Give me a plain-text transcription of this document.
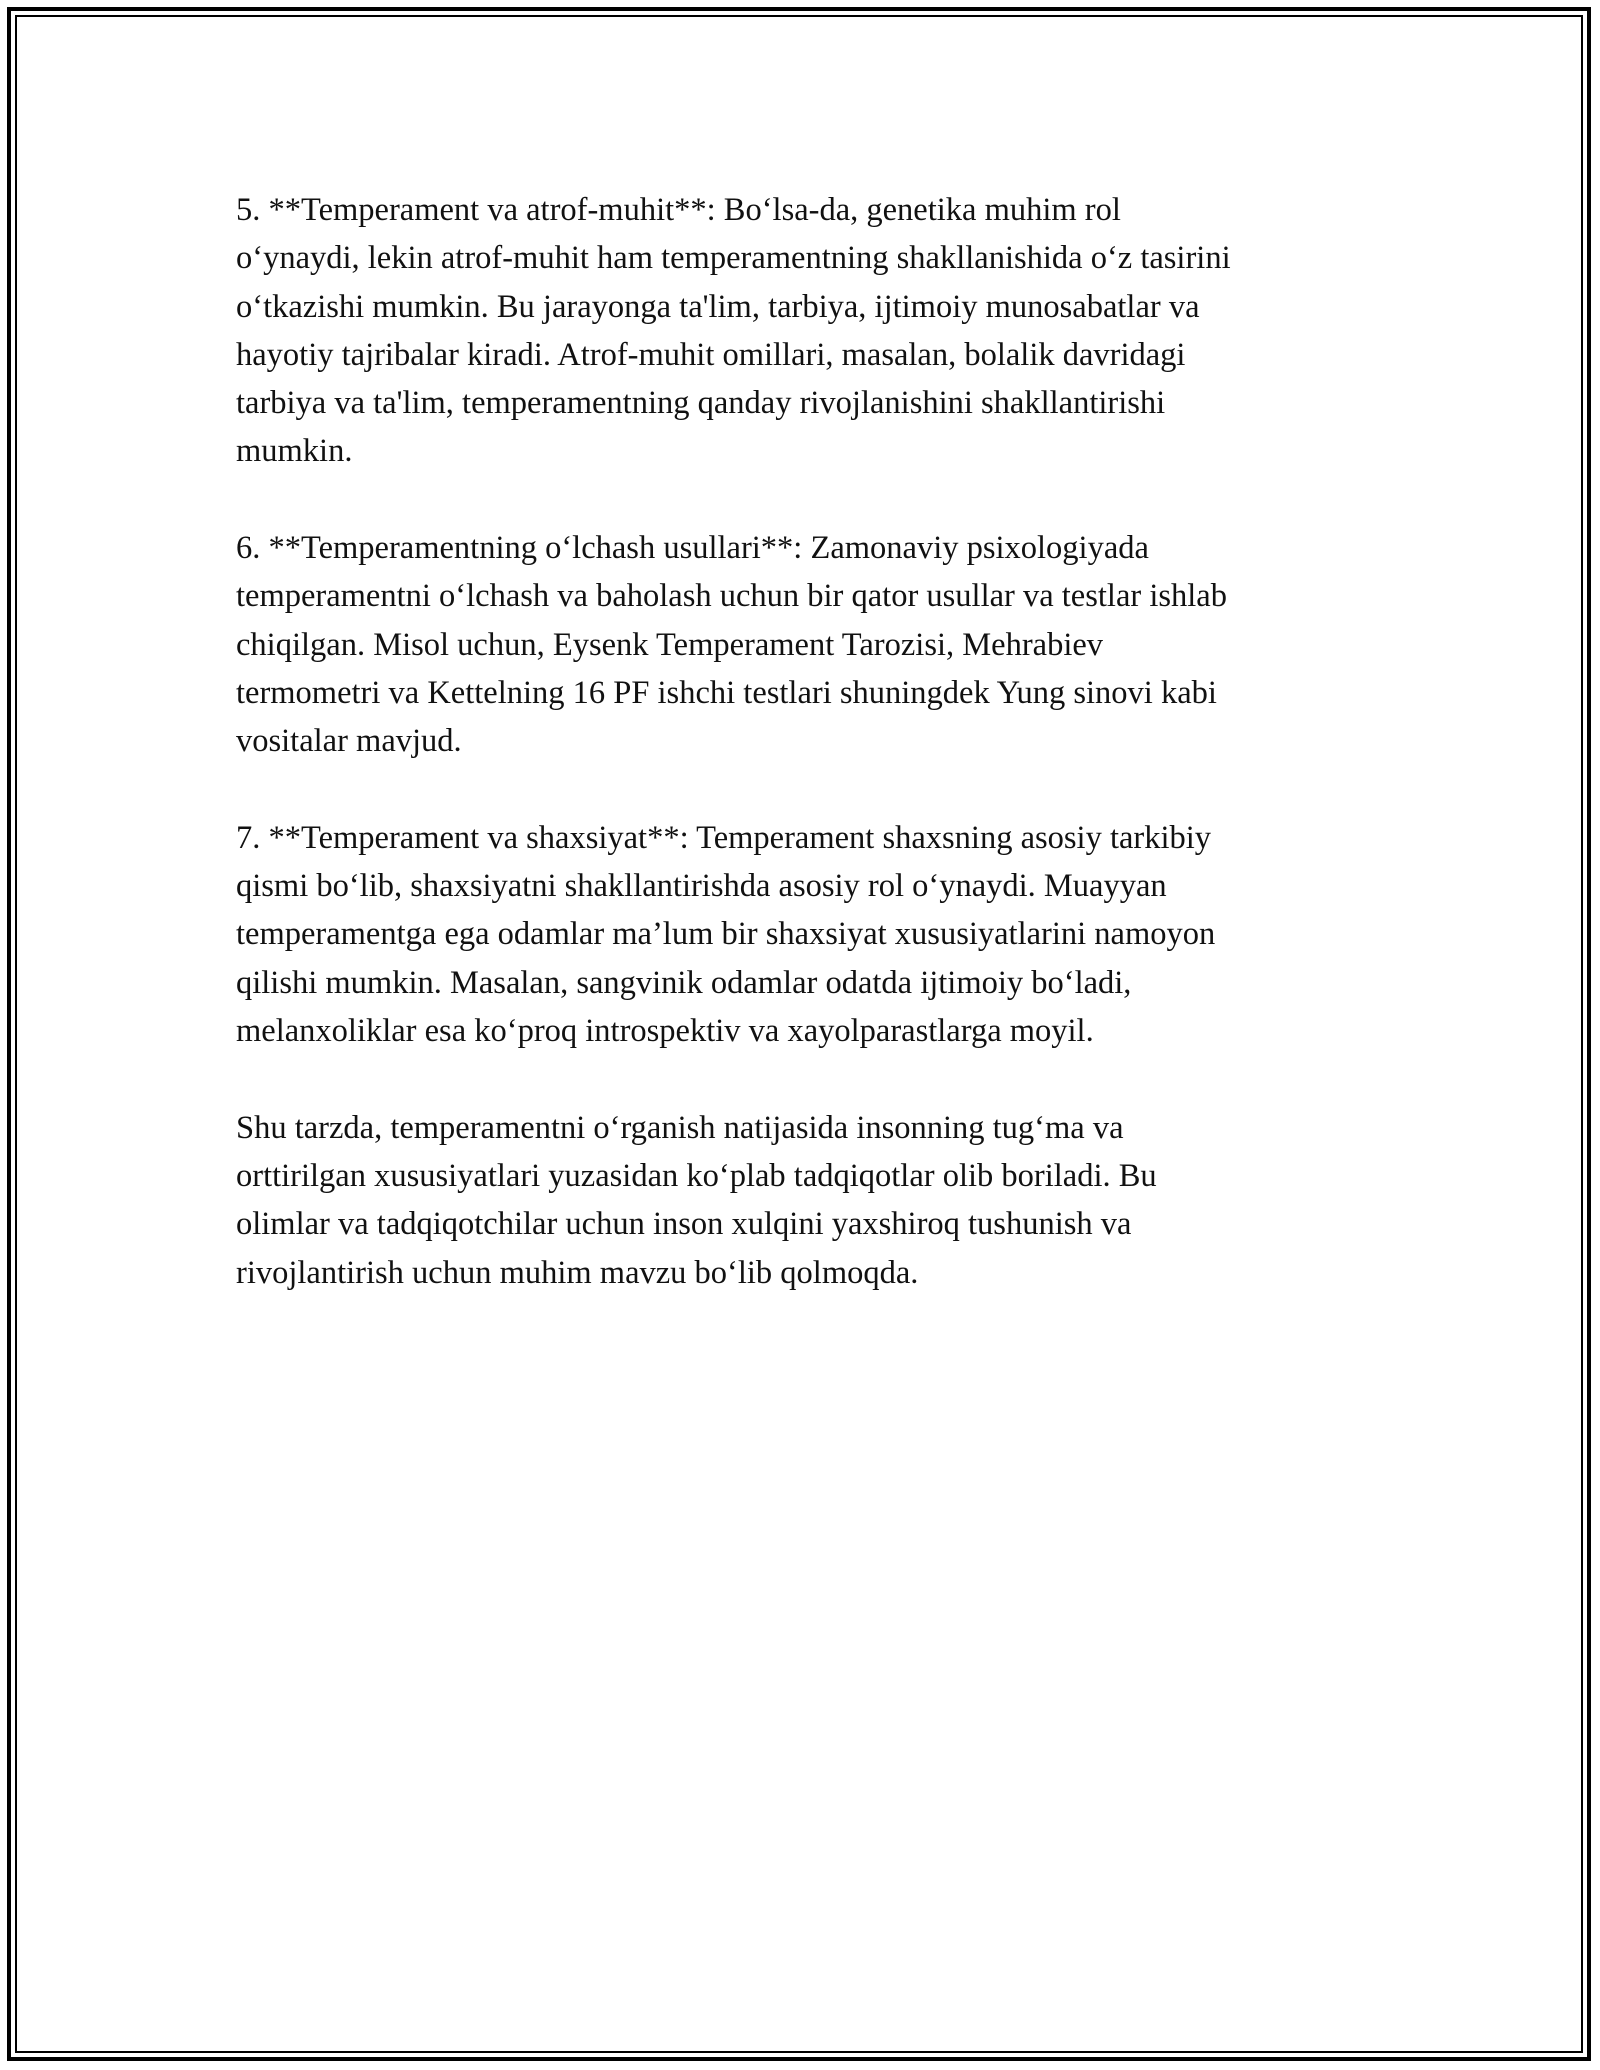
5. **Temperament va atrof-muhit**: Bo‘lsa-da, genetika muhim rol
o‘ynaydi, lekin atrof-muhit ham temperamentning shakllanishida o‘z tasirini
o‘tkazishi mumkin. Bu jarayonga ta'lim, tarbiya, ijtimoiy munosabatlar va
hayotiy tajribalar kiradi. Atrof-muhit omillari, masalan, bolalik davridagi
tarbiya va ta'lim, temperamentning qanday rivojlanishini shakllantirishi
mumkin.

6. **Temperamentning o‘lchash usullari**: Zamonaviy psixologiyada
temperamentni o‘lchash va baholash uchun bir qator usullar va testlar ishlab
chiqilgan. Misol uchun, Eysenk Temperament Tarozisi, Mehrabiev
termometri va Kettelning 16 PF ishchi testlari shuningdek Yung sinovi kabi
vositalar mavjud.

7. **Temperament va shaxsiyat**: Temperament shaxsning asosiy tarkibiy
qismi bo‘lib, shaxsiyatni shakllantirishda asosiy rol o‘ynaydi. Muayyan
temperamentga ega odamlar ma’lum bir shaxsiyat xususiyatlarini namoyon
qilishi mumkin. Masalan, sangvinik odamlar odatda ijtimoiy bo‘ladi,
melanxoliklar esa ko‘proq introspektiv va xayolparastlarga moyil.

Shu tarzda, temperamentni o‘rganish natijasida insonning tug‘ma va
orttirilgan xususiyatlari yuzasidan ko‘plab tadqiqotlar olib boriladi. Bu
olimlar va tadqiqotchilar uchun inson xulqini yaxshiroq tushunish va
rivojlantirish uchun muhim mavzu bo‘lib qolmoqda.
